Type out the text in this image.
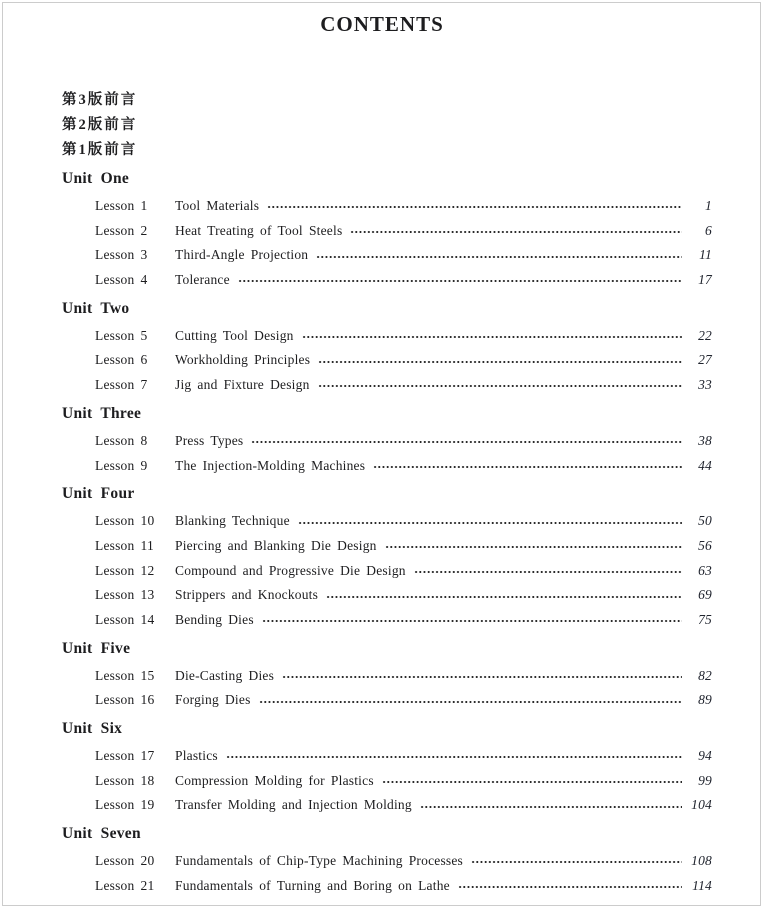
CONTENTS
第3版前言
第2版前言
第1版前言
Unit One
Lesson 1	Tool Materials	1
Lesson 2	Heat Treating of Tool Steels	6
Lesson 3	Third-Angle Projection	11
Lesson 4	Tolerance	17
Unit Two
Lesson 5	Cutting Tool Design	22
Lesson 6	Workholding Principles	27
Lesson 7	Jig and Fixture Design	33
Unit Three
Lesson 8	Press Types	38
Lesson 9	The Injection-Molding Machines	44
Unit Four
Lesson 10	Blanking Technique	50
Lesson 11	Piercing and Blanking Die Design	56
Lesson 12	Compound and Progressive Die Design	63
Lesson 13	Strippers and Knockouts	69
Lesson 14	Bending Dies	75
Unit Five
Lesson 15	Die-Casting Dies	82
Lesson 16	Forging Dies	89
Unit Six
Lesson 17	Plastics	94
Lesson 18	Compression Molding for Plastics	99
Lesson 19	Transfer Molding and Injection Molding	104
Unit Seven
Lesson 20	Fundamentals of Chip-Type Machining Processes	108
Lesson 21	Fundamentals of Turning and Boring on Lathe	114
